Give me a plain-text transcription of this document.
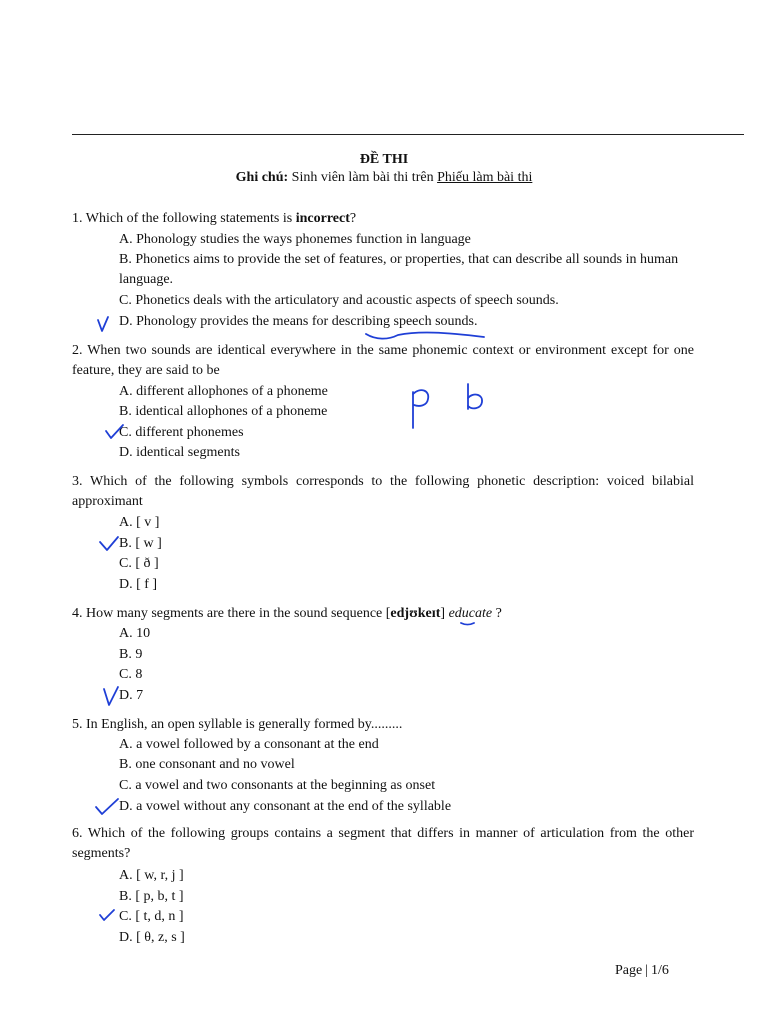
ĐỀ THI
Ghi chú: Sinh viên làm bài thi trên Phiếu làm bài thi
1. Which of the following statements is incorrect?
A. Phonology studies the ways phonemes function in language
B. Phonetics aims to provide the set of features, or properties, that can describe all sounds in human language.
C. Phonetics deals with the articulatory and acoustic aspects of speech sounds.
D. Phonology provides the means for describing speech sounds.
2. When two sounds are identical everywhere in the same phonemic context or environment except for one feature, they are said to be
A. different allophones of a phoneme
B. identical allophones of a phoneme
C. different phonemes
D. identical segments
3. Which of the following symbols corresponds to the following phonetic description: voiced bilabial approximant
A. [ v ]
B. [ w ]
C. [ ð ]
D. [ f ]
4. How many segments are there in the sound sequence [edjʊkeɪt] educate ?
A. 10
B. 9
C. 8
D. 7
5. In English, an open syllable is generally formed by.........
A. a vowel followed by a consonant at the end
B. one consonant and no vowel
C. a vowel and two consonants at the beginning as onset
D. a vowel without any consonant at the end of the syllable
6. Which of the following groups contains a segment that differs in manner of articulation from the other segments?
A. [ w, r, j ]
B. [ p, b, t ]
C. [ t, d, n ]
D. [ θ, z, s ]
Page | 1/6
